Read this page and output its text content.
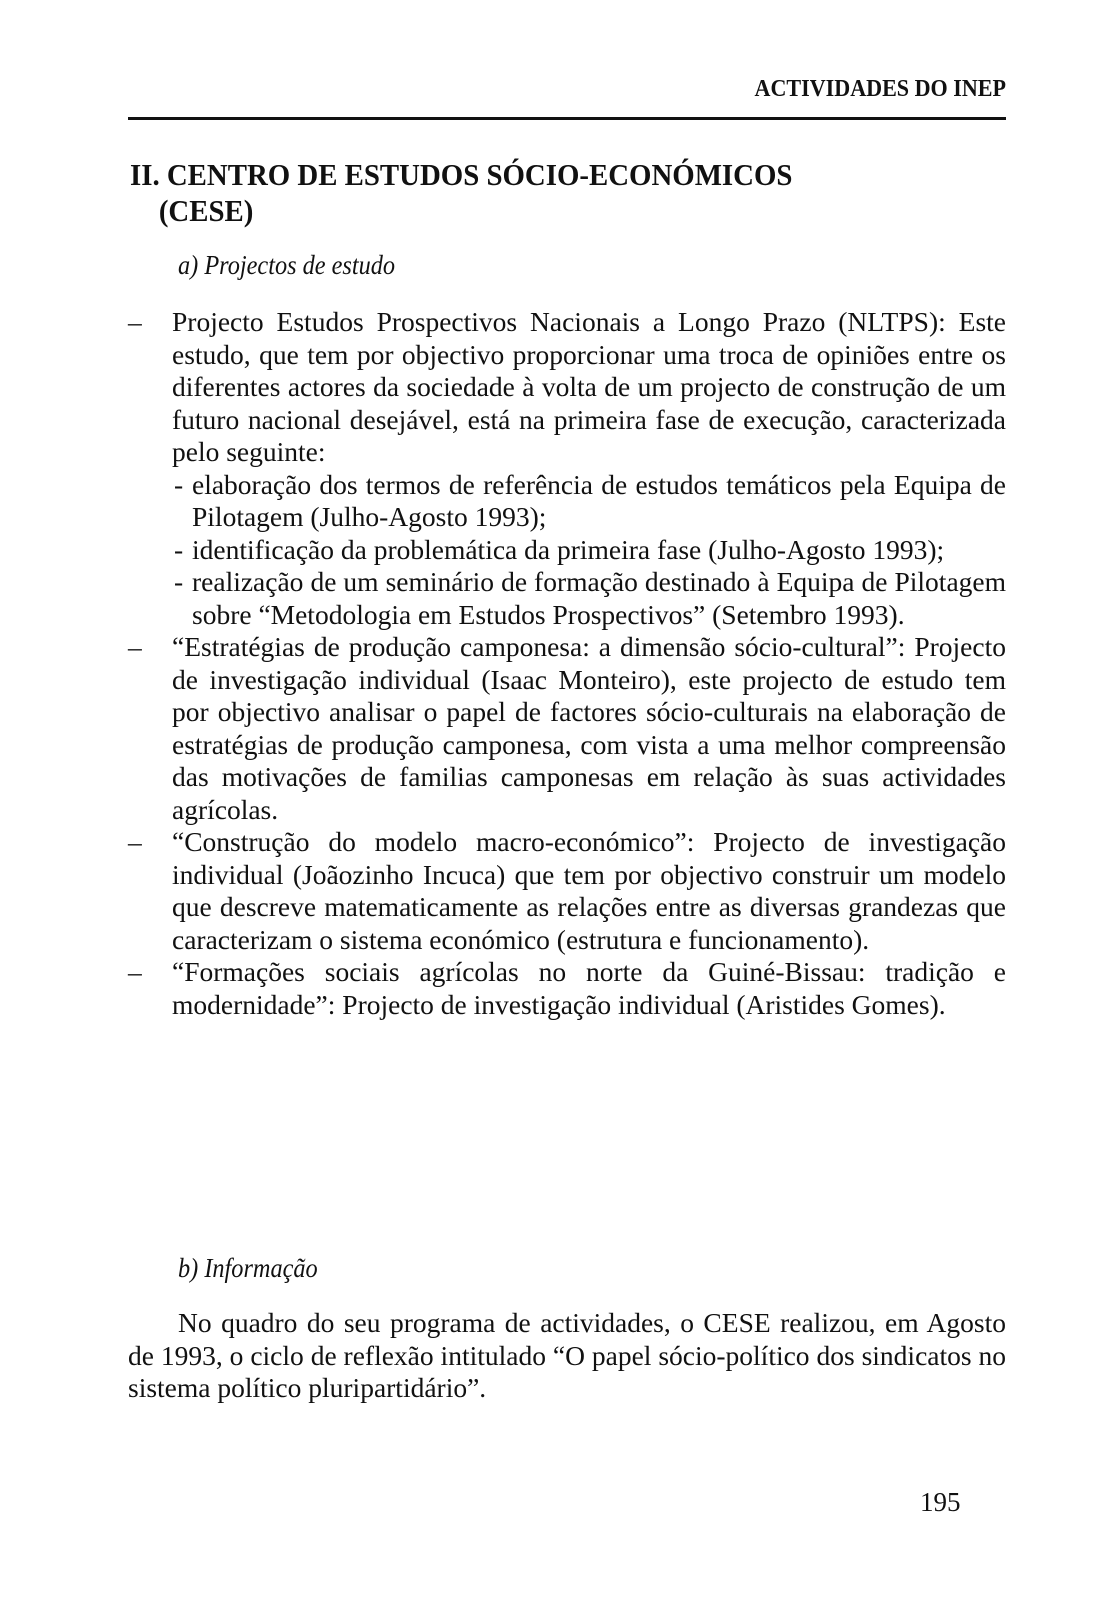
ACTIVIDADES DO INEP
II. CENTRO DE ESTUDOS SÓCIO-ECONÓMICOS
(CESE)
a) Projectos de estudo
– Projecto Estudos Prospectivos Nacionais a Longo Prazo (NLTPS): Este estudo, que tem por objectivo proporcionar uma troca de opiniões entre os diferentes actores da sociedade à volta de um projecto de construção de um futuro nacional desejável, está na primeira fase de execução, caracterizada pelo seguinte:
- elaboração dos termos de referência de estudos temáticos pela Equipa de Pilotagem (Julho-Agosto 1993);
- identificação da problemática da primeira fase (Julho-Agosto 1993);
- realização de um seminário de formação destinado à Equipa de Pilotagem sobre “Metodologia em Estudos Prospectivos” (Setembro 1993).
– “Estratégias de produção camponesa: a dimensão sócio-cultural”: Projecto de investigação individual (Isaac Monteiro), este projecto de estudo tem por objectivo analisar o papel de factores sócio-culturais na elaboração de estratégias de produção camponesa, com vista a uma melhor compreensão das motivações de familias camponesas em relação às suas actividades agrícolas.
– “Construção do modelo macro-económico”: Projecto de investigação individual (Joãozinho Incuca) que tem por objectivo construir um modelo que descreve matematicamente as relações entre as diversas grandezas que caracterizam o sistema económico (estrutura e funcionamento).
– “Formações sociais agrícolas no norte da Guiné-Bissau: tradição e modernidade”: Projecto de investigação individual (Aristides Gomes).
b) Informação
No quadro do seu programa de actividades, o CESE realizou, em Agosto de 1993, o ciclo de reflexão intitulado “O papel sócio-político dos sindicatos no sistema político pluripartidário”.
195
